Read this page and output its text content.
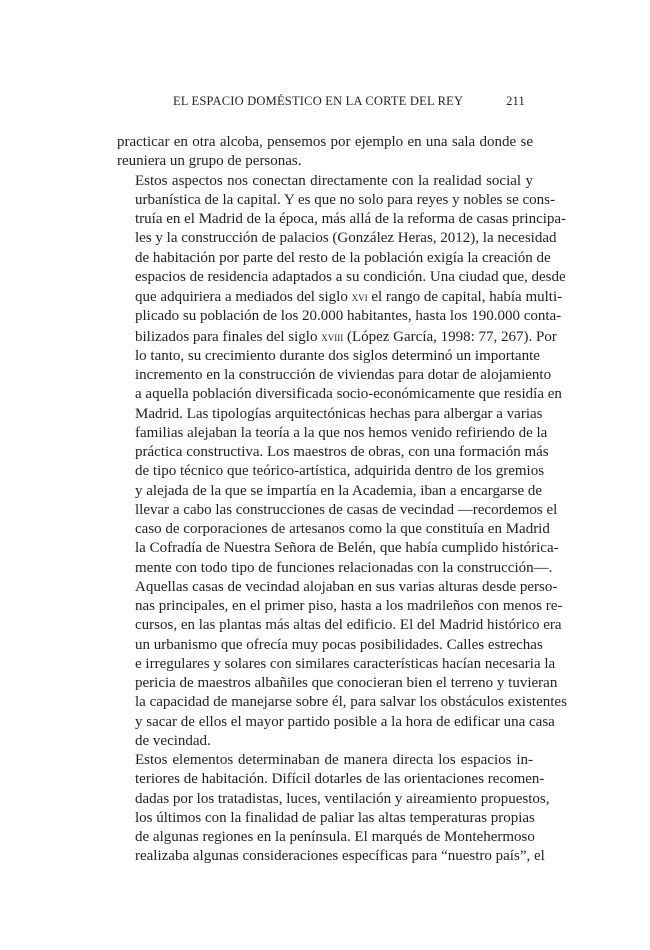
EL ESPACIO DOMÉSTICO EN LA CORTE DEL REY	211

practicar en otra alcoba, pensemos por ejemplo en una sala donde se
reuniera un grupo de personas.

Estos aspectos nos conectan directamente con la realidad social y
urbanística de la capital. Y es que no solo para reyes y nobles se cons-
truía en el Madrid de la época, más allá de la reforma de casas principa-
les y la construcción de palacios (González Heras, 2012), la necesidad
de habitación por parte del resto de la población exigía la creación de
espacios de residencia adaptados a su condición. Una ciudad que, desde
que adquiriera a mediados del siglo xvi el rango de capital, había multi-
plicado su población de los 20.000 habitantes, hasta los 190.000 conta-
bilizados para finales del siglo xviii (López García, 1998: 77, 267). Por
lo tanto, su crecimiento durante dos siglos determinó un importante
incremento en la construcción de viviendas para dotar de alojamiento
a aquella población diversificada socio-económicamente que residía en
Madrid. Las tipologías arquitectónicas hechas para albergar a varias
familias alejaban la teoría a la que nos hemos venido refiriendo de la
práctica constructiva. Los maestros de obras, con una formación más
de tipo técnico que teórico-artística, adquirida dentro de los gremios
y alejada de la que se impartía en la Academia, iban a encargarse de
llevar a cabo las construcciones de casas de vecindad —recordemos el
caso de corporaciones de artesanos como la que constituía en Madrid
la Cofradía de Nuestra Señora de Belén, que había cumplido históricа-
mente con todo tipo de funciones relacionadas con la construcción—.
Aquellas casas de vecindad alojaban en sus varias alturas desde perso-
nas principales, en el primer piso, hasta a los madrileños con menos re-
cursos, en las plantas más altas del edificio. El del Madrid histórico era
un urbanismo que ofrecía muy pocas posibilidades. Calles estrechas
e irregulares y solares con similares características hacían necesaria la
pericia de maestros albañiles que conocieran bien el terreno y tuvieran
la capacidad de manejarse sobre él, para salvar los obstáculos existentes
y sacar de ellos el mayor partido posible a la hora de edificar una casa
de vecindad.

Estos elementos determinaban de manera directa los espacios in-
teriores de habitación. Difícil dotarles de las orientaciones recomen-
dadas por los tratadistas, luces, ventilación y aireamiento propuestos,
los últimos con la finalidad de paliar las altas temperaturas propias
de algunas regiones en la península. El marqués de Montehermoso
realizaba algunas consideraciones específicas para “nuestro país”, el
